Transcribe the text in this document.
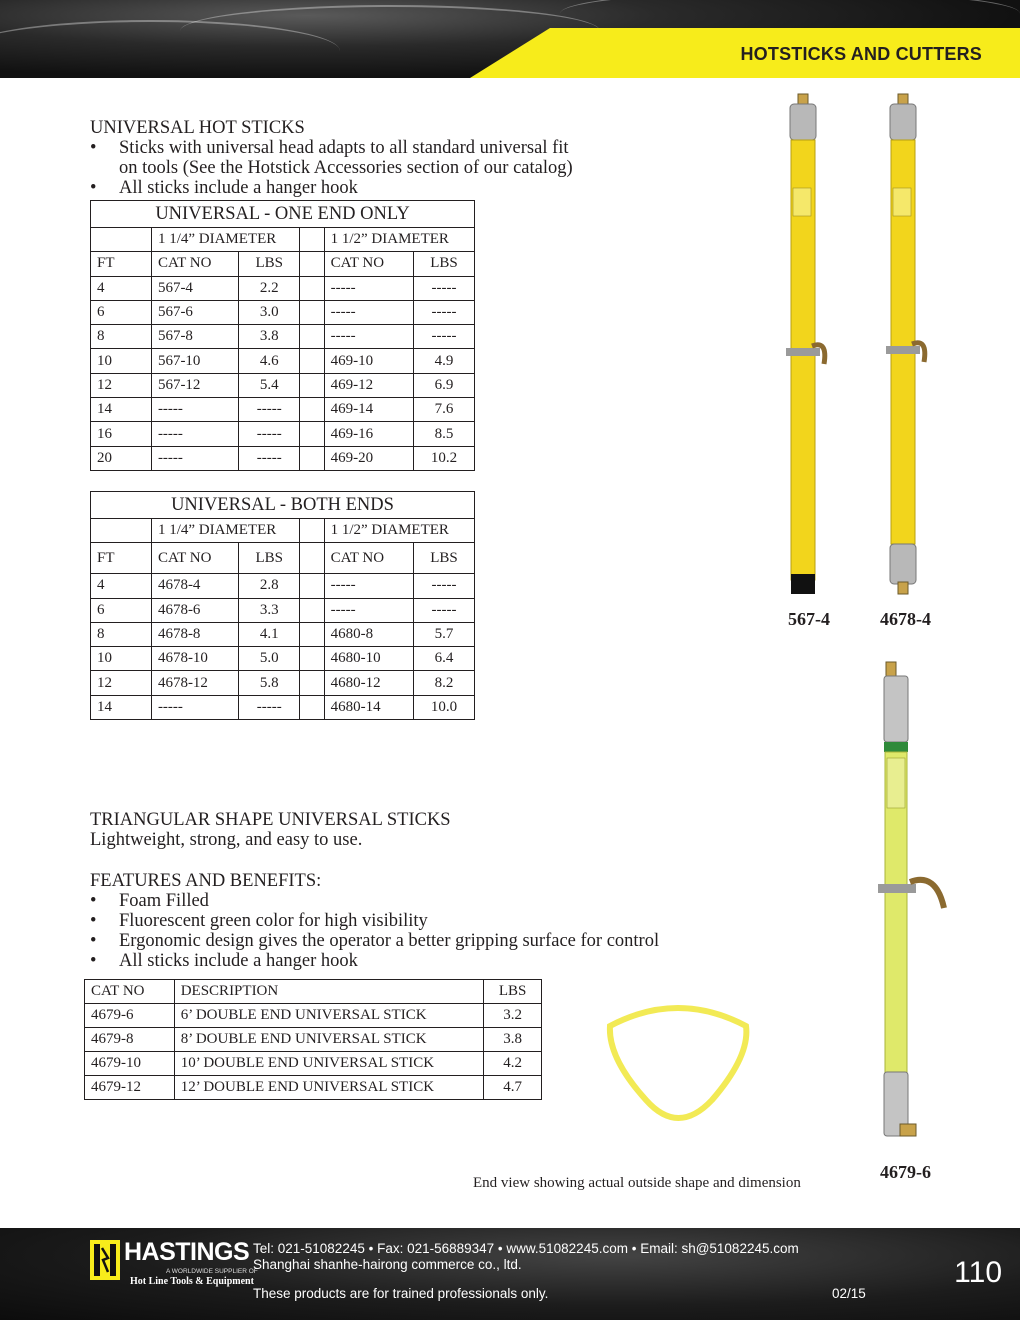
HOTSTICKS AND CUTTERS
UNIVERSAL HOT STICKS
• Sticks with universal head adapts to all standard universal fit
on tools (See the Hotstick Accessories section of our catalog)
• All sticks include a hanger hook
UNIVERSAL - ONE END ONLY					
	1 1/4” DIAMETER			1 1/2” DIAMETER	
FT	CAT NO	LBS		CAT NO	LBS
4	567-4	2.2		-----	-----
6	567-6	3.0		-----	-----
8	567-8	3.8		-----	-----
10	567-10	4.6		469-10	4.9
12	567-12	5.4		469-12	6.9
14	-----	-----		469-14	7.6
16	-----	-----		469-16	8.5
20	-----	-----		469-20	10.2
UNIVERSAL - BOTH ENDS					
	1 1/4” DIAMETER			1 1/2” DIAMETER	
FT	CAT NO	LBS		CAT NO	LBS
4	4678-4	2.8		-----	-----
6	4678-6	3.3		-----	-----
8	4678-8	4.1		4680-8	5.7
10	4678-10	5.0		4680-10	6.4
12	4678-12	5.8		4680-12	8.2
14	-----	-----		4680-14	10.0
TRIANGULAR SHAPE UNIVERSAL STICKS
Lightweight, strong, and easy to use.
FEATURES AND BENEFITS:
• Foam Filled
• Fluorescent green color for high visibility
• Ergonomic design gives the operator a better gripping surface for control
• All sticks include a hanger hook
CAT NO	DESCRIPTION	LBS
4679-6	6’ DOUBLE END UNIVERSAL STICK	3.2
4679-8	8’ DOUBLE END UNIVERSAL STICK	3.8
4679-10	10’ DOUBLE END UNIVERSAL STICK	4.2
4679-12	12’ DOUBLE END UNIVERSAL STICK	4.7
567-4	4678-4
4679-6
End view showing actual outside shape and dimension
HASTINGS
A WORLDWIDE SUPPLIER OF
Hot Line Tools & Equipment
Tel: 021-51082245 • Fax: 021-56889347 • www.51082245.com • Email: sh@51082245.com
Shanghai shanhe-hairong commerce co., ltd.
These products are for trained professionals only.	02/15
110
